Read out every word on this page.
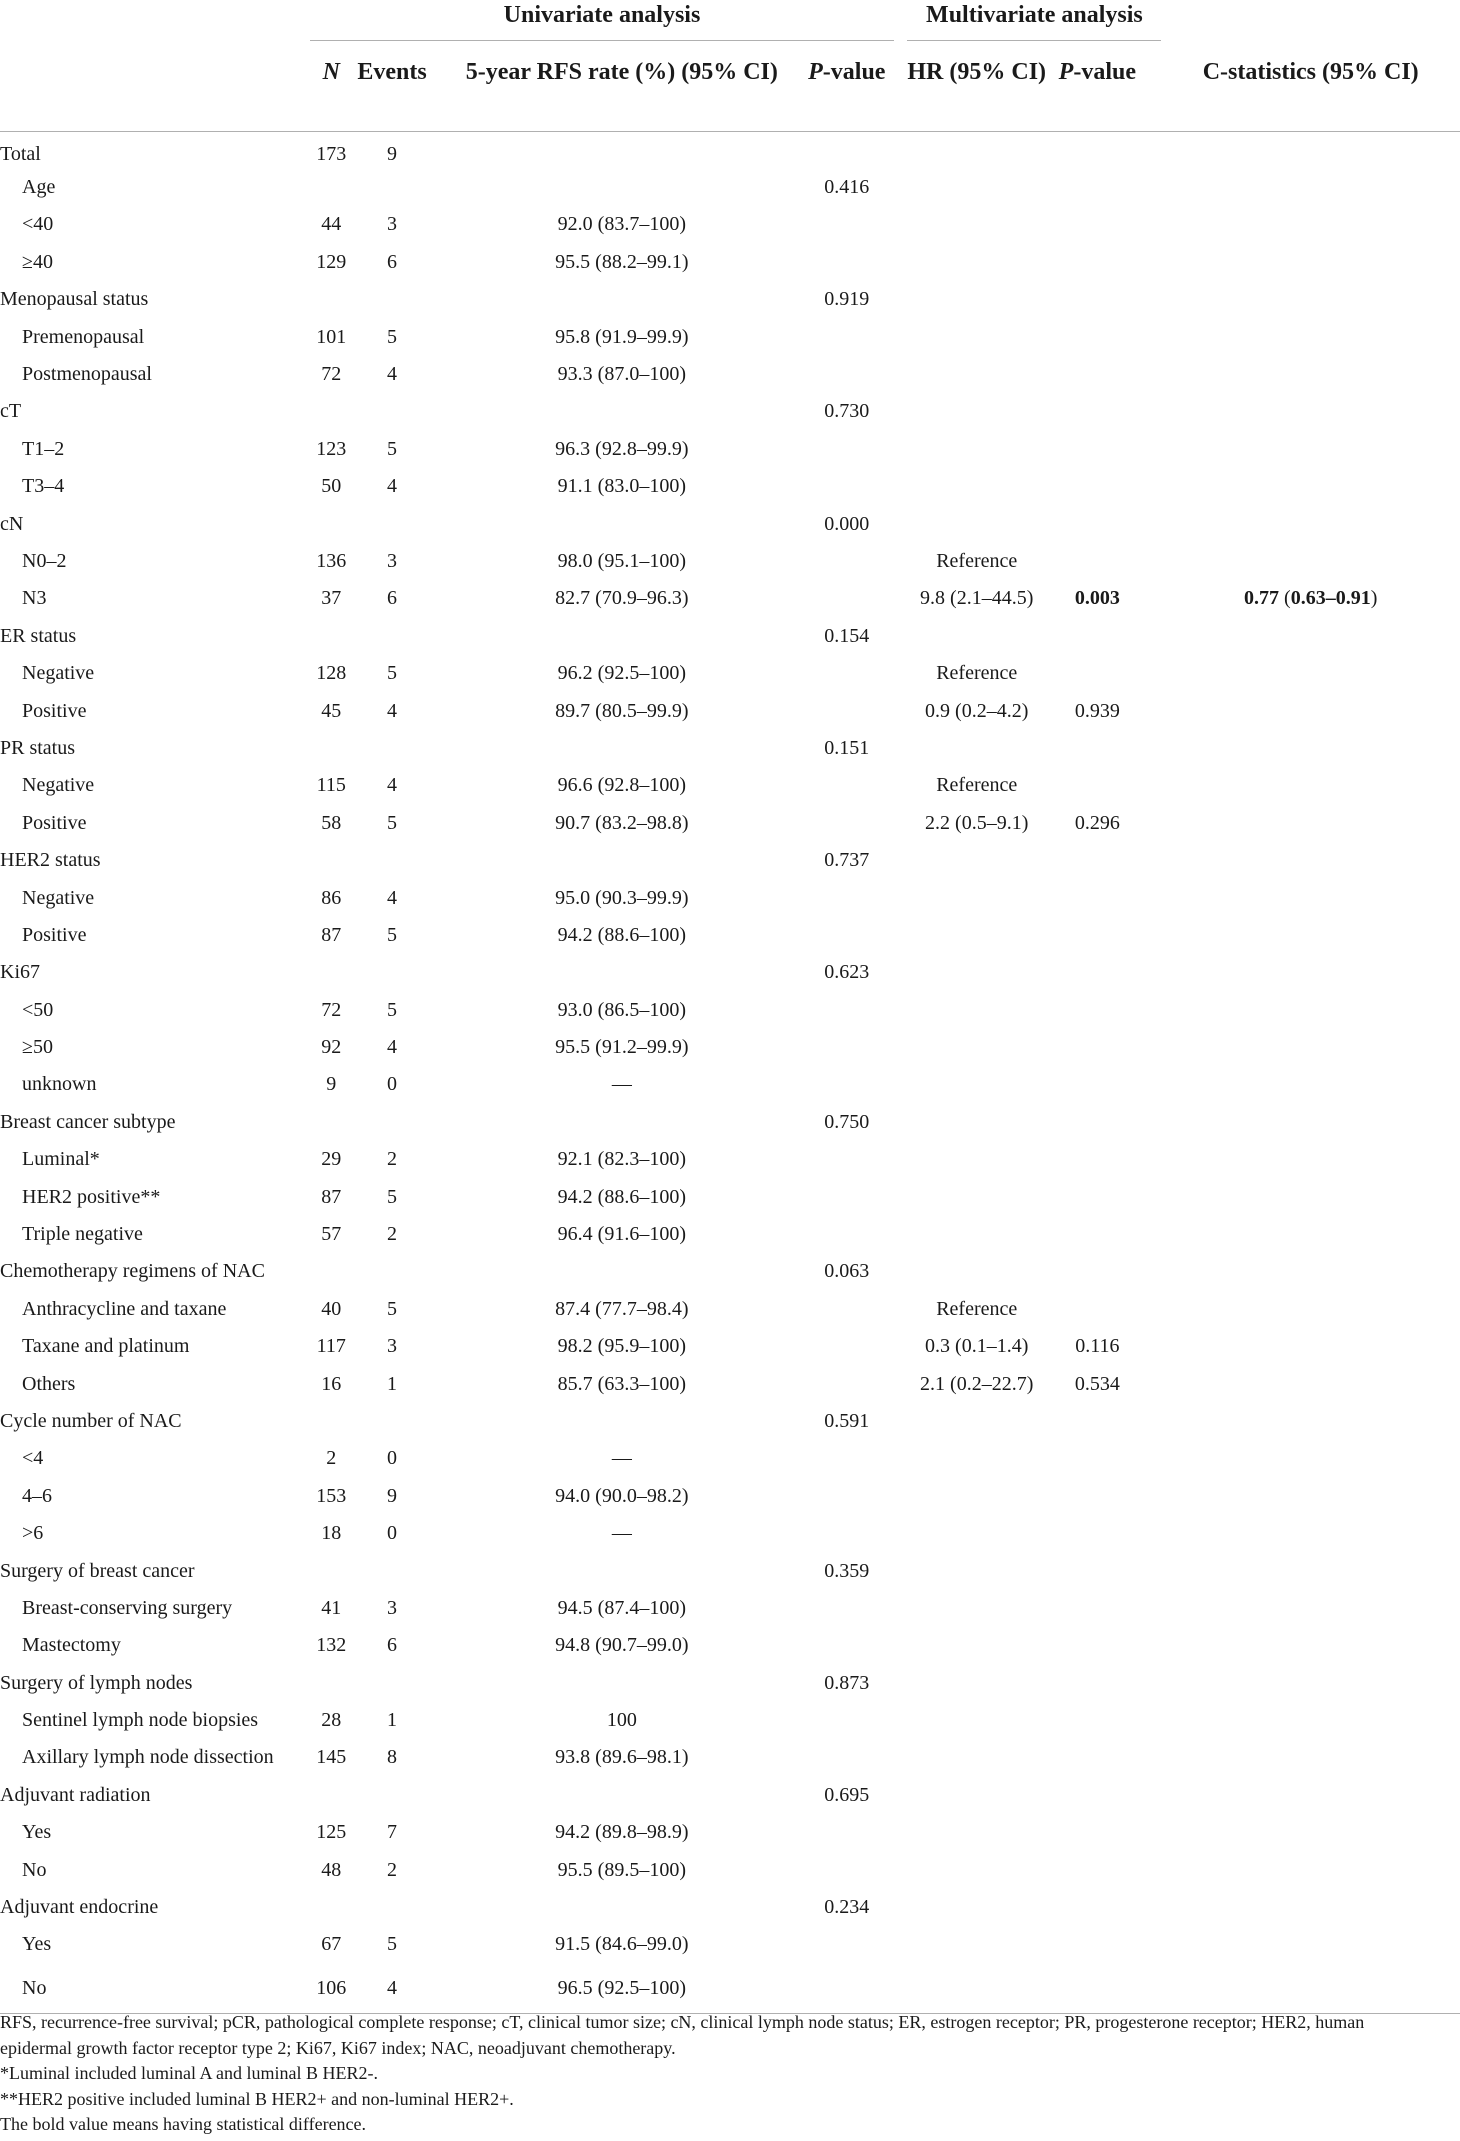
	Univariate analysis						Multivariate analysis			
	N	Events		5-year RFS rate (%) (95% CI)	P-value		HR (95% CI)	P-value		C-statistics (95% CI)
Total	173	9								
Age					0.416					
<40	44	3		92.0 (83.7–100)						
≥40	129	6		95.5 (88.2–99.1)						
Menopausal status					0.919					
Premenopausal	101	5		95.8 (91.9–99.9)						
Postmenopausal	72	4		93.3 (87.0–100)						
cT					0.730					
T1–2	123	5		96.3 (92.8–99.9)						
T3–4	50	4		91.1 (83.0–100)						
cN					0.000					
N0–2	136	3		98.0 (95.1–100)			Reference			
N3	37	6		82.7 (70.9–96.3)			9.8 (2.1–44.5)	0.003		0.77 (0.63–0.91)
ER status					0.154					
Negative	128	5		96.2 (92.5–100)			Reference			
Positive	45	4		89.7 (80.5–99.9)			0.9 (0.2–4.2)	0.939		
PR status					0.151					
Negative	115	4		96.6 (92.8–100)			Reference			
Positive	58	5		90.7 (83.2–98.8)			2.2 (0.5–9.1)	0.296		
HER2 status					0.737					
Negative	86	4		95.0 (90.3–99.9)						
Positive	87	5		94.2 (88.6–100)						
Ki67					0.623					
<50	72	5		93.0 (86.5–100)						
≥50	92	4		95.5 (91.2–99.9)						
unknown	9	0		—						
Breast cancer subtype					0.750					
Luminal*	29	2		92.1 (82.3–100)						
HER2 positive**	87	5		94.2 (88.6–100)						
Triple negative	57	2		96.4 (91.6–100)						
Chemotherapy regimens of NAC					0.063					
Anthracycline and taxane	40	5		87.4 (77.7–98.4)			Reference			
Taxane and platinum	117	3		98.2 (95.9–100)			0.3 (0.1–1.4)	0.116		
Others	16	1		85.7 (63.3–100)			2.1 (0.2–22.7)	0.534		
Cycle number of NAC					0.591					
<4	2	0		—						
4–6	153	9		94.0 (90.0–98.2)						
>6	18	0		—						
Surgery of breast cancer					0.359					
Breast-conserving surgery	41	3		94.5 (87.4–100)						
Mastectomy	132	6		94.8 (90.7–99.0)						
Surgery of lymph nodes					0.873					
Sentinel lymph node biopsies	28	1		100						
Axillary lymph node dissection	145	8		93.8 (89.6–98.1)						
Adjuvant radiation					0.695					
Yes	125	7		94.2 (89.8–98.9)						
No	48	2		95.5 (89.5–100)						
Adjuvant endocrine					0.234					
Yes	67	5		91.5 (84.6–99.0)						
No	106	4		96.5 (92.5–100)						
RFS, recurrence-free survival; pCR, pathological complete response; cT, clinical tumor size; cN, clinical lymph node status; ER, estrogen receptor; PR, progesterone receptor; HER2, human
epidermal growth factor receptor type 2; Ki67, Ki67 index; NAC, neoadjuvant chemotherapy.
*Luminal included luminal A and luminal B HER2-.
**HER2 positive included luminal B HER2+ and non-luminal HER2+.
The bold value means having statistical difference.
